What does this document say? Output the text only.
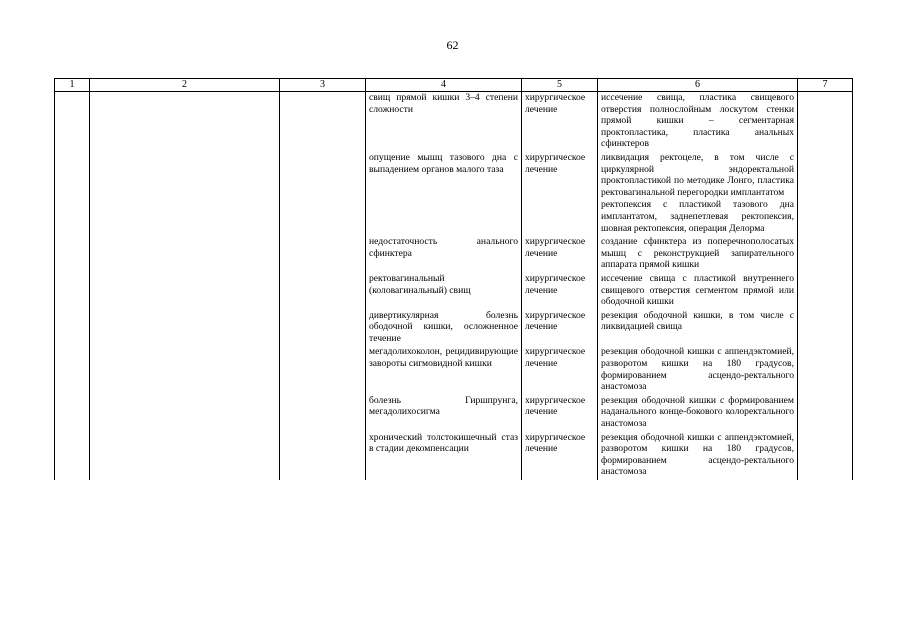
62
1	2	3	4	5	6	7
			свищ прямой кишки 3–4 степени сложности	хирургическое лечение	иссечение свища, пластика свищевого отверстия полнослойным лоскутом стенки прямой кишки – сегментарная проктопластика, пластика анальных сфинктеров	

			опущение мышц тазового дна с выпадением органов малого таза	хирургическое лечение	ликвидация ректоцеле, в том числе с циркулярной эндоректальной проктопластикой по методике Лонго, пластика ректовагинальной перегородки имплантатом
ректопексия с пластикой тазового дна имплантатом, заднепетлевая ректопексия, шовная ректопексия, операция Делорма	

			недостаточность анального сфинктера	хирургическое лечение	создание сфинктера из поперечнополосатых мышц с реконструкцией запирательного аппарата прямой кишки	

			ректовагинальный (коловагинальный) свищ	хирургическое лечение	иссечение свища с пластикой внутреннего свищевого отверстия сегментом прямой или ободочной кишки	

			дивертикулярная болезнь ободочной кишки, осложненное течение	хирургическое лечение	резекция ободочной кишки, в том числе с ликвидацией свища	

			мегадолихоколон, рецидивирующие завороты сигмовидной кишки	хирургическое лечение	резекция ободочной кишки с аппендэктомией, разворотом кишки на 180 градусов, формированием асцендо-ректального анастомоза	

			болезнь Гиршпрунга, мегадолихосигма	хирургическое лечение	резекция ободочной кишки с формированием наданального конце-бокового колоректального анастомоза	

			хронический толстокишечный стаз в стадии декомпенсации	хирургическое лечение	резекция ободочной кишки с аппендэктомией, разворотом кишки на 180 градусов, формированием асцендо-ректального анастомоза	
